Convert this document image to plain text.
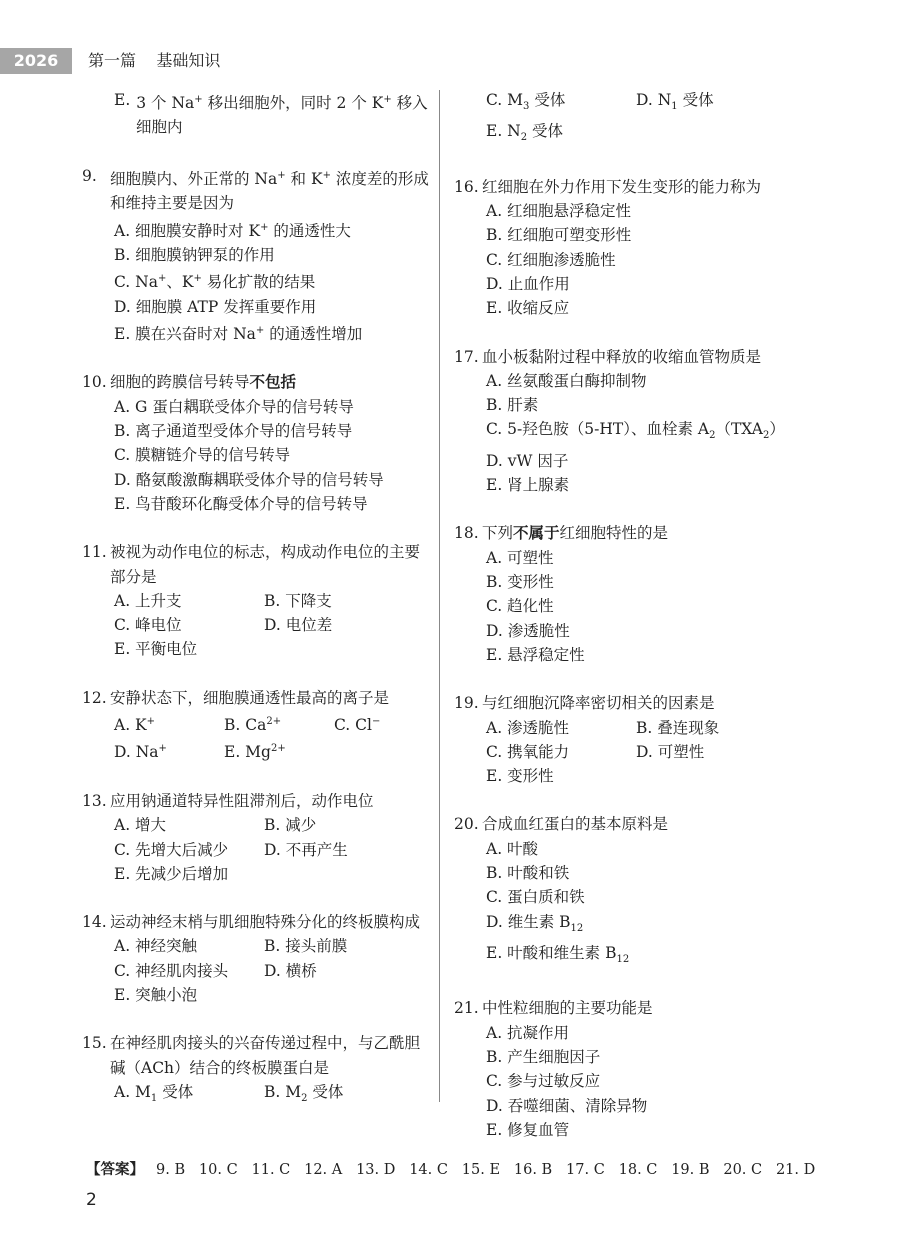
2026	第一篇    基础知识
E. 3 个 Na+ 移出细胞外，同时 2 个 K+ 移入
细胞内
9. 细胞膜内、外正常的 Na+ 和 K+ 浓度差的形成和维持主要是因为
A. 细胞膜安静时对 K+ 的通透性大
B. 细胞膜钠钾泵的作用
C. Na+、K+ 易化扩散的结果
D. 细胞膜 ATP 发挥重要作用
E. 膜在兴奋时对 Na+ 的通透性增加
10. 细胞的跨膜信号转导不包括
A. G 蛋白耦联受体介导的信号转导
B. 离子通道型受体介导的信号转导
C. 膜糖链介导的信号转导
D. 酪氨酸激酶耦联受体介导的信号转导
E. 鸟苷酸环化酶受体介导的信号转导
11. 被视为动作电位的标志，构成动作电位的主要部分是
A. 上升支	B. 下降支
C. 峰电位	D. 电位差
E. 平衡电位
12. 安静状态下，细胞膜通透性最高的离子是
A. K+	B. $Ca^{2+}$	C. Cl−
D. Na+	E. $Mg^{2+}$
13. 应用钠通道特异性阻滞剂后，动作电位
A. 增大	B. 减少
C. 先增大后减少	D. 不再产生
E. 先减少后增加
14. 运动神经末梢与肌细胞特殊分化的终板膜构成
A. 神经突触	B. 接头前膜
C. 神经肌肉接头	D. 横桥
E. 突触小泡
15. 在神经肌肉接头的兴奋传递过程中，与乙酰胆碱（ACh）结合的终板膜蛋白是
A. $M_1$ 受体	B. $M_2$ 受体
C. $M_3$ 受体	D. $N_1$ 受体
E. $N_2$ 受体
16. 红细胞在外力作用下发生变形的能力称为
A. 红细胞悬浮稳定性
B. 红细胞可塑变形性
C. 红细胞渗透脆性
D. 止血作用
E. 收缩反应
17. 血小板黏附过程中释放的收缩血管物质是
A. 丝氨酸蛋白酶抑制物
B. 肝素
C. 5-羟色胺（5-HT）、血栓素 $A_2(TXA_2)$
D. vW 因子
E. 肾上腺素
18. 下列不属于红细胞特性的是
A. 可塑性
B. 变形性
C. 趋化性
D. 渗透脆性
E. 悬浮稳定性
19. 与红细胞沉降率密切相关的因素是
A. 渗透脆性	B. 叠连现象
C. 携氧能力	D. 可塑性
E. 变形性
20. 合成血红蛋白的基本原料是
A. 叶酸
B. 叶酸和铁
C. 蛋白质和铁
D. 维生素 $B_{12}$
E. 叶酸和维生素 $B_{12}$
21. 中性粒细胞的主要功能是
A. 抗凝作用
B. 产生细胞因子
C. 参与过敏反应
D. 吞噬细菌、清除异物
E. 修复血管
【答案】 9. B   10. C   11. C   12. A   13. D   14. C   15. E   16. B   17. C   18. C   19. B   20. C   21. D
2
